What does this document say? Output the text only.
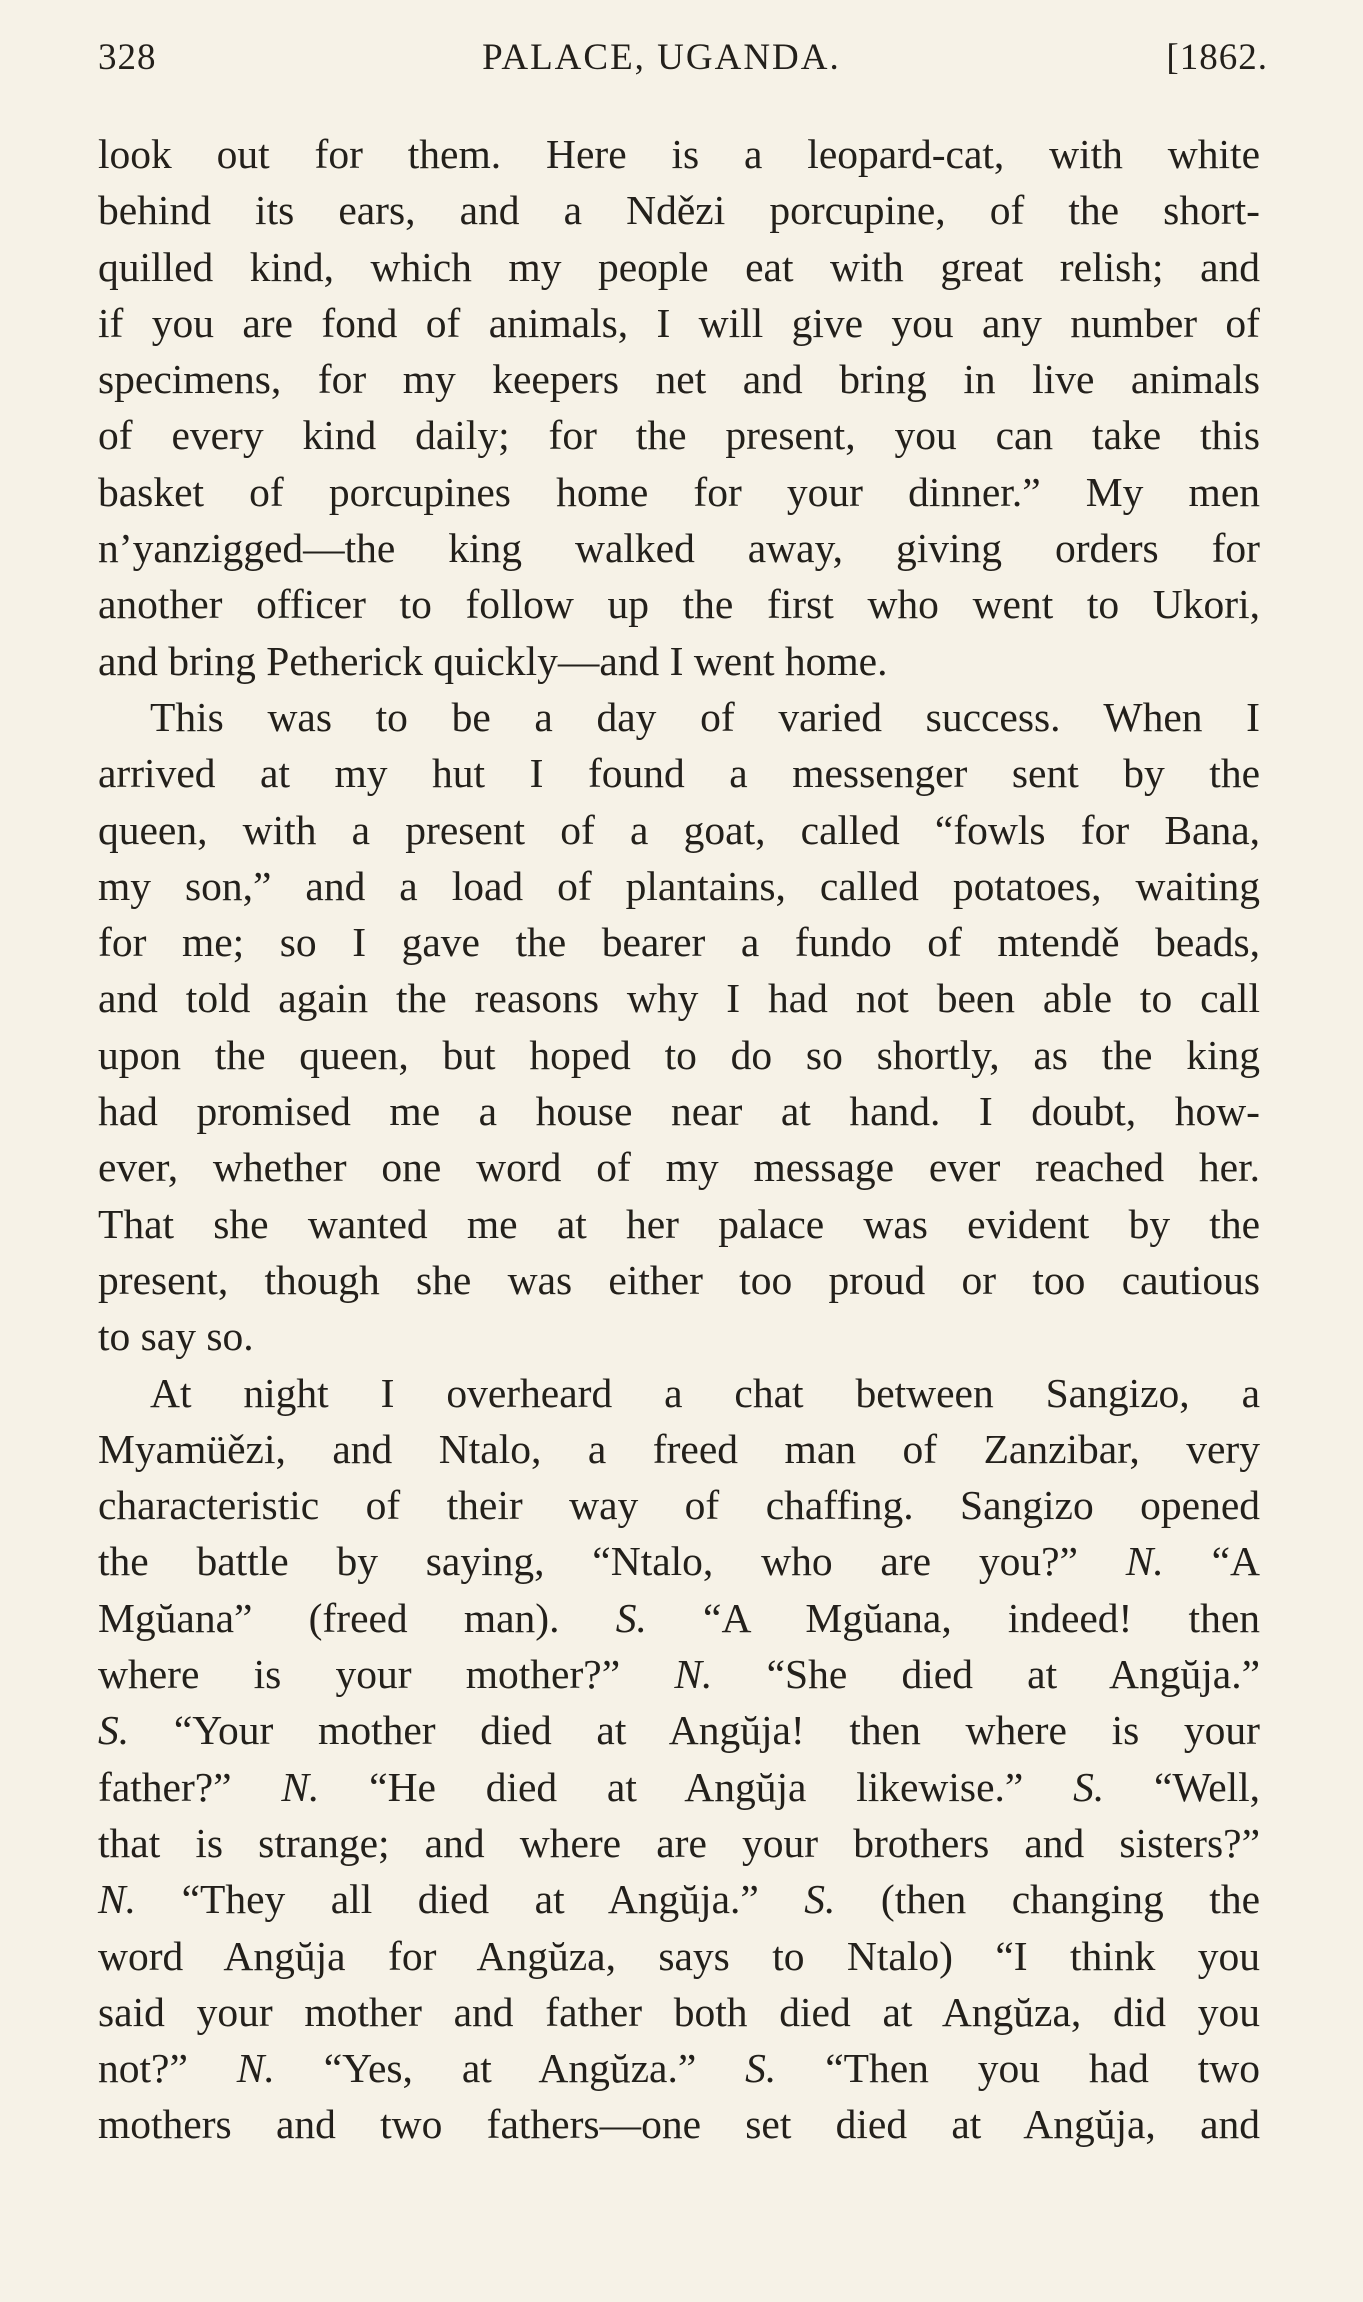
328	PALACE, UGANDA.	[1862.
look out for them. Here is a leopard-cat, with white
behind its ears, and a Ndězi porcupine, of the short-
quilled kind, which my people eat with great relish; and
if you are fond of animals, I will give you any number of
specimens, for my keepers net and bring in live animals
of every kind daily; for the present, you can take this
basket of porcupines home for your dinner.” My men
n’yanzigged—the king walked away, giving orders for
another officer to follow up the first who went to Ukori,
and bring Petherick quickly—and I went home.
This was to be a day of varied success. When I
arrived at my hut I found a messenger sent by the
queen, with a present of a goat, called “fowls for Bana,
my son,” and a load of plantains, called potatoes, waiting
for me; so I gave the bearer a fundo of mtendě beads,
and told again the reasons why I had not been able to call
upon the queen, but hoped to do so shortly, as the king
had promised me a house near at hand. I doubt, how-
ever, whether one word of my message ever reached her.
That she wanted me at her palace was evident by the
present, though she was either too proud or too cautious
to say so.
At night I overheard a chat between Sangizo, a
Myamüězi, and Ntalo, a freed man of Zanzibar, very
characteristic of their way of chaffing. Sangizo opened
the battle by saying, “Ntalo, who are you?” N. “A
Mgŭana” (freed man). S. “A Mgŭana, indeed! then
where is your mother?” N. “She died at Angŭja.”
S. “Your mother died at Angŭja! then where is your
father?” N. “He died at Angŭja likewise.” S. “Well,
that is strange; and where are your brothers and sisters?”
N. “They all died at Angŭja.” S. (then changing the
word Angŭja for Angŭza, says to Ntalo) “I think you
said your mother and father both died at Angŭza, did you
not?” N. “Yes, at Angŭza.” S. “Then you had two
mothers and two fathers—one set died at Angŭja, and
